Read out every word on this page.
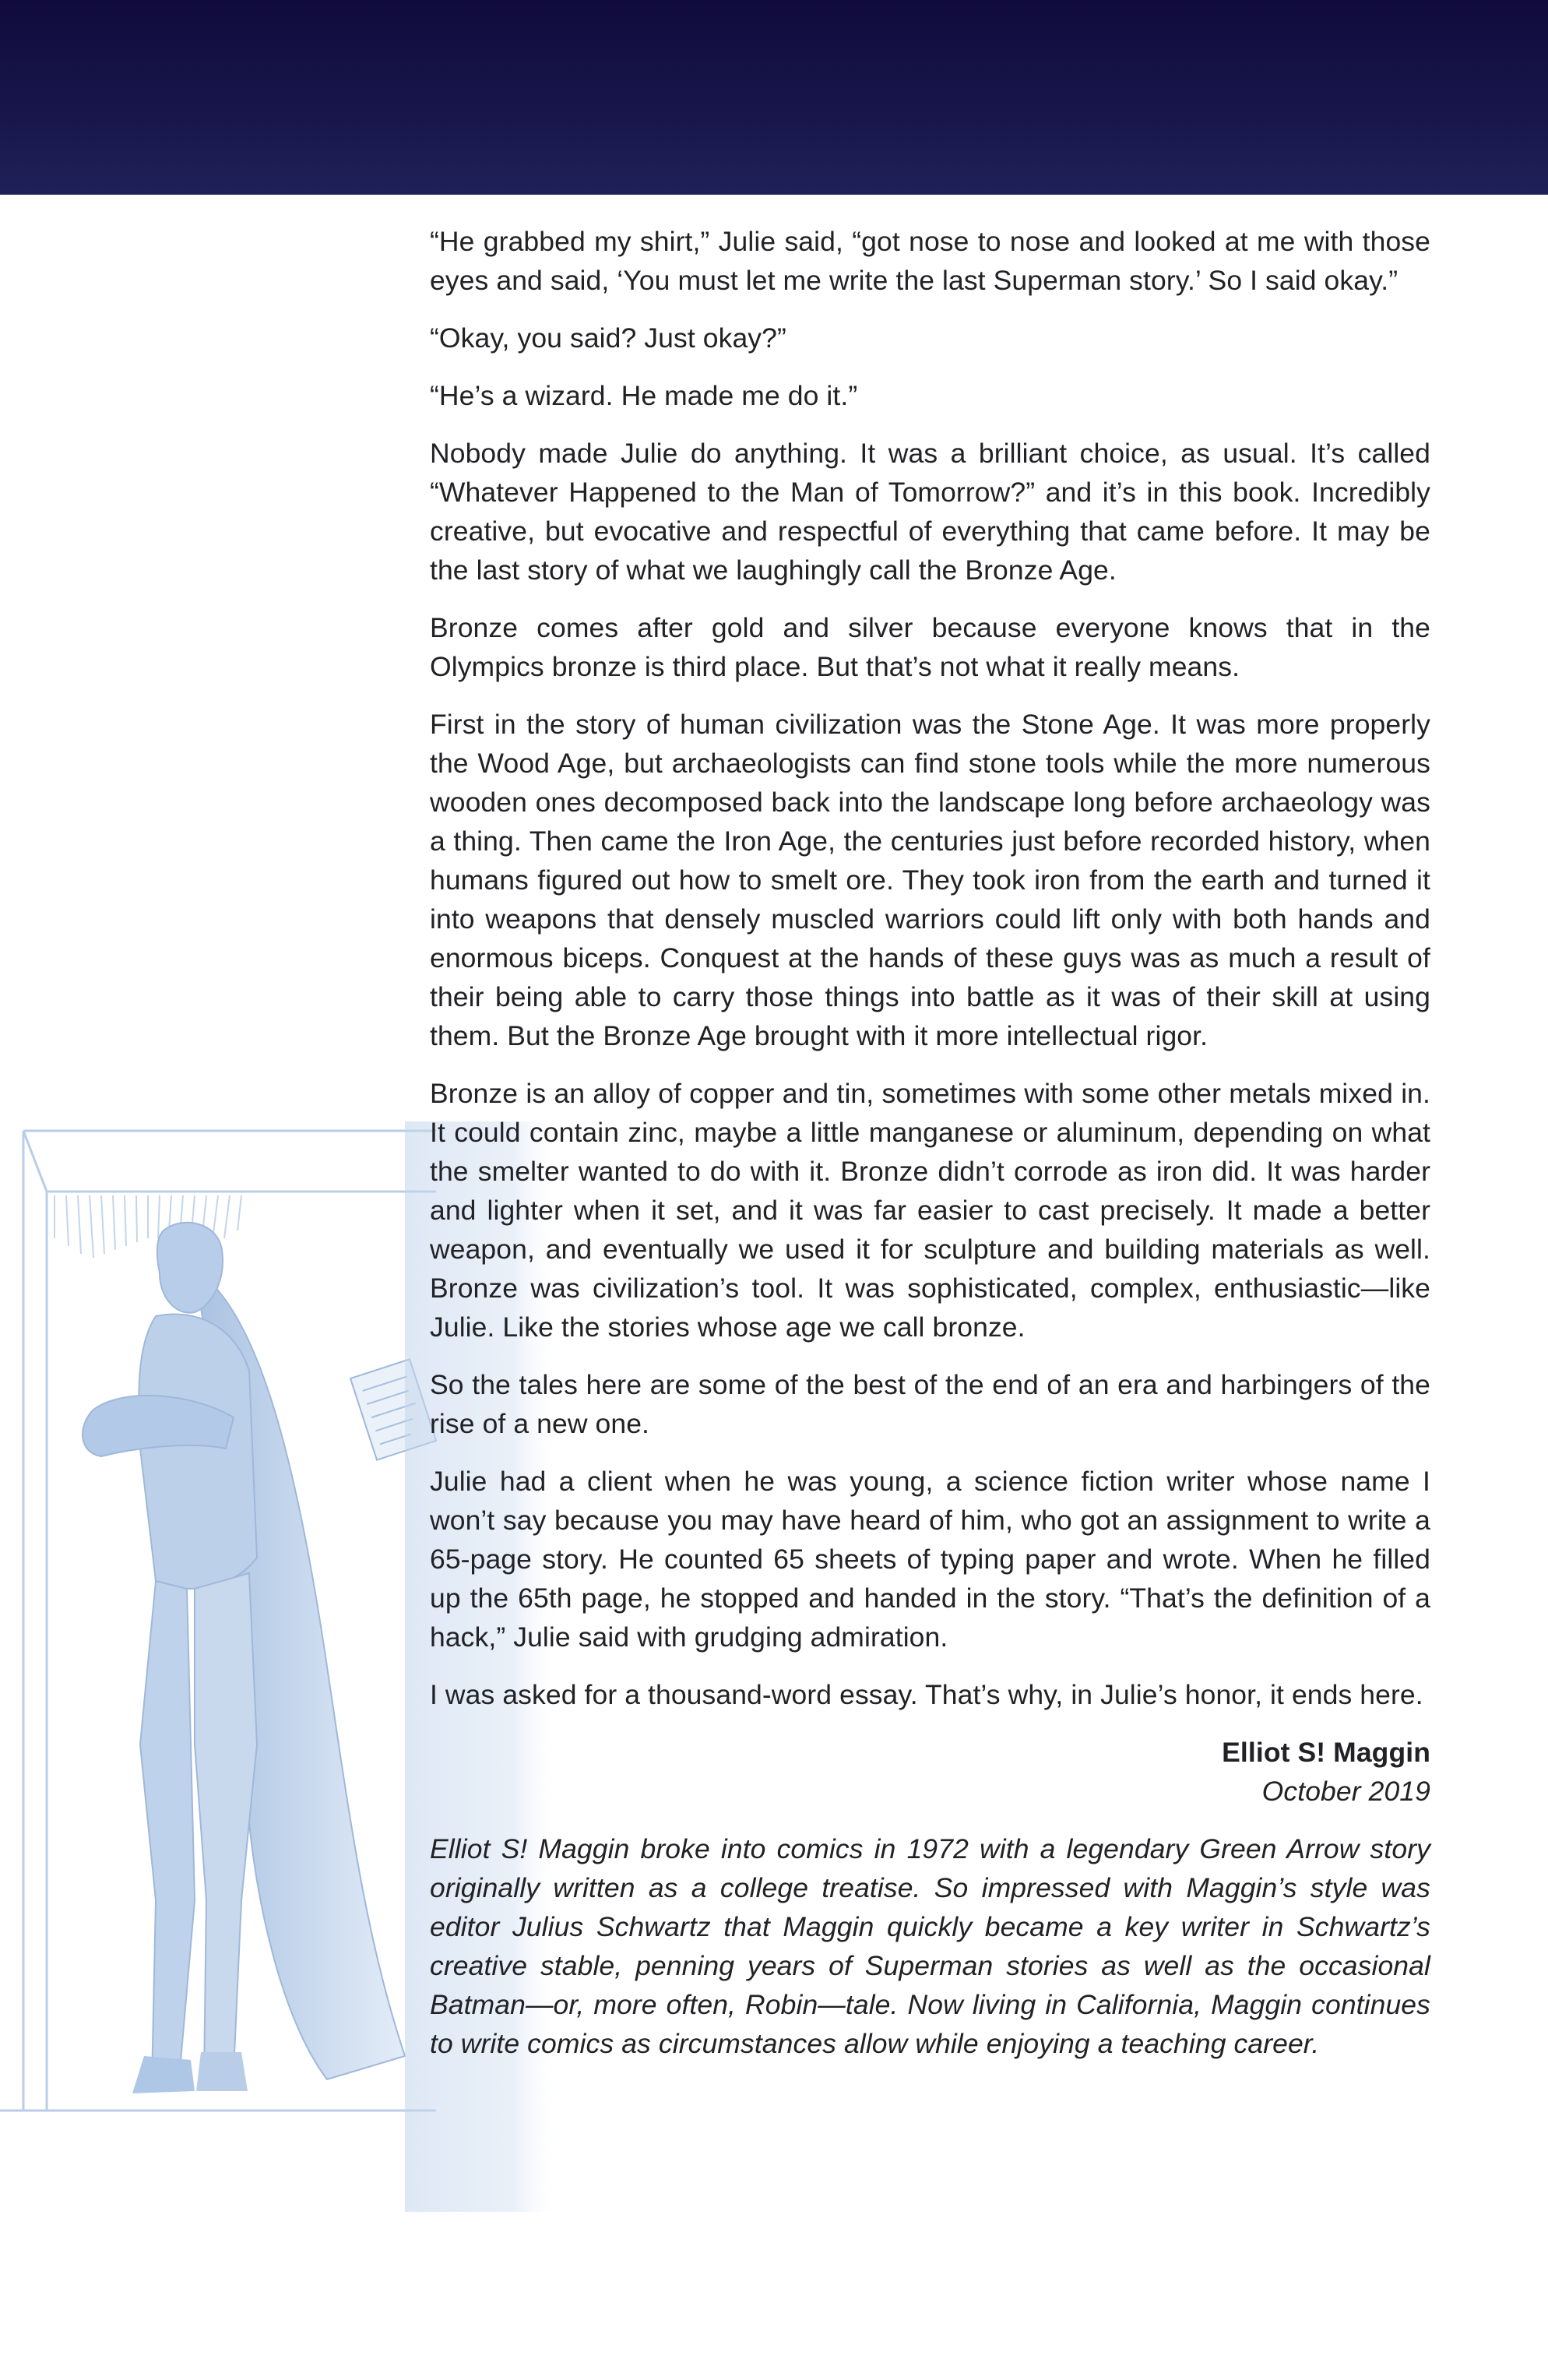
“He grabbed my shirt,” Julie said, “got nose to nose and looked at me with those eyes and said, ‘You must let me write the last Superman story.’ So I said okay.”

“Okay, you said? Just okay?”

“He’s a wizard. He made me do it.”

Nobody made Julie do anything. It was a brilliant choice, as usual. It’s called “Whatever Happened to the Man of Tomorrow?” and it’s in this book. Incredibly creative, but evocative and respectful of everything that came before. It may be the last story of what we laughingly call the Bronze Age.

Bronze comes after gold and silver because everyone knows that in the Olympics bronze is third place. But that’s not what it really means.

First in the story of human civilization was the Stone Age. It was more properly the Wood Age, but archaeologists can find stone tools while the more numerous wooden ones decomposed back into the landscape long before archaeology was a thing. Then came the Iron Age, the centuries just before recorded history, when humans figured out how to smelt ore. They took iron from the earth and turned it into weapons that densely muscled warriors could lift only with both hands and enormous biceps. Conquest at the hands of these guys was as much a result of their being able to carry those things into battle as it was of their skill at using them. But the Bronze Age brought with it more intellectual rigor.

Bronze is an alloy of copper and tin, sometimes with some other metals mixed in. It could contain zinc, maybe a little manganese or aluminum, depending on what the smelter wanted to do with it. Bronze didn’t corrode as iron did. It was harder and lighter when it set, and it was far easier to cast precisely. It made a better weapon, and eventually we used it for sculpture and building materials as well. Bronze was civilization’s tool. It was sophisticated, complex, enthusiastic—like Julie. Like the stories whose age we call bronze.

So the tales here are some of the best of the end of an era and harbingers of the rise of a new one.

Julie had a client when he was young, a science fiction writer whose name I won’t say because you may have heard of him, who got an assignment to write a 65-page story. He counted 65 sheets of typing paper and wrote. When he filled up the 65th page, he stopped and handed in the story. “That’s the definition of a hack,” Julie said with grudging admiration.

I was asked for a thousand-word essay. That’s why, in Julie’s honor, it ends here.

Elliot S! Maggin
October 2019

Elliot S! Maggin broke into comics in 1972 with a legendary Green Arrow story originally written as a college treatise. So impressed with Maggin’s style was editor Julius Schwartz that Maggin quickly became a key writer in Schwartz’s creative stable, penning years of Superman stories as well as the occasional Batman—or, more often, Robin—tale. Now living in California, Maggin continues to write comics as circumstances allow while enjoying a teaching career.
